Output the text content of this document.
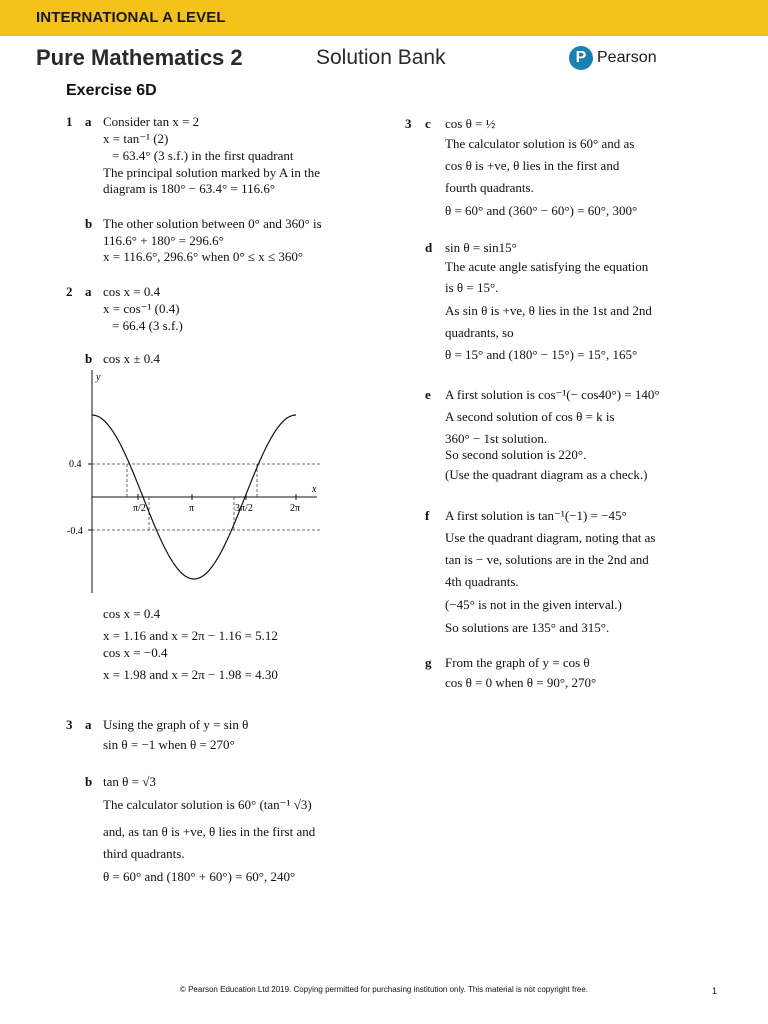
INTERNATIONAL A LEVEL
Pure Mathematics 2	Solution Bank	P Pearson
Exercise 6D
1 a Consider tan x = 2
x = tan⁻¹ (2)
= 63.4° (3 s.f.) in the first quadrant
The principal solution marked by A in the
diagram is 180° − 63.4° = 116.6°
b The other solution between 0° and 360° is
116.6° + 180° = 296.6°
x = 116.6°, 296.6° when 0° ≤ x ≤ 360°
2 a cos x = 0.4
x = cos⁻¹ (0.4)
= 66.4 (3 s.f.)
b cos x ± 0.4
y
x
0.4
-0.4
π/2	π	3π/2	2π
cos x = 0.4
x = 1.16 and x = 2π − 1.16 = 5.12
cos x = −0.4
x = 1.98 and x = 2π − 1.98 = 4.30
3 a Using the graph of y = sin θ
sin θ = −1 when θ = 270°
b tan θ = √3
The calculator solution is 60° (tan⁻¹ √3)
and, as tan θ is +ve, θ lies in the first and
third quadrants.
θ = 60° and (180° + 60°) = 60°, 240°
3 c cos θ = ½
The calculator solution is 60° and as
cos θ is +ve, θ lies in the first and
fourth quadrants.
θ = 60° and (360° − 60°) = 60°, 300°
d sin θ = sin15°
The acute angle satisfying the equation
is θ = 15°.
As sin θ is +ve, θ lies in the 1st and 2nd
quadrants, so
θ = 15° and (180° − 15°) = 15°, 165°
e A first solution is cos⁻¹(− cos40°) = 140°
A second solution of cos θ = k is
360° − 1st solution.
So second solution is 220°.
(Use the quadrant diagram as a check.)
f A first solution is tan⁻¹(−1) = −45°
Use the quadrant diagram, noting that as
tan is − ve, solutions are in the 2nd and
4th quadrants.
(−45° is not in the given interval.)
So solutions are 135° and 315°.
g From the graph of y = cos θ
cos θ = 0 when θ = 90°, 270°
© Pearson Education Ltd 2019. Copying permitted for purchasing institution only. This material is not copyright free.	1
